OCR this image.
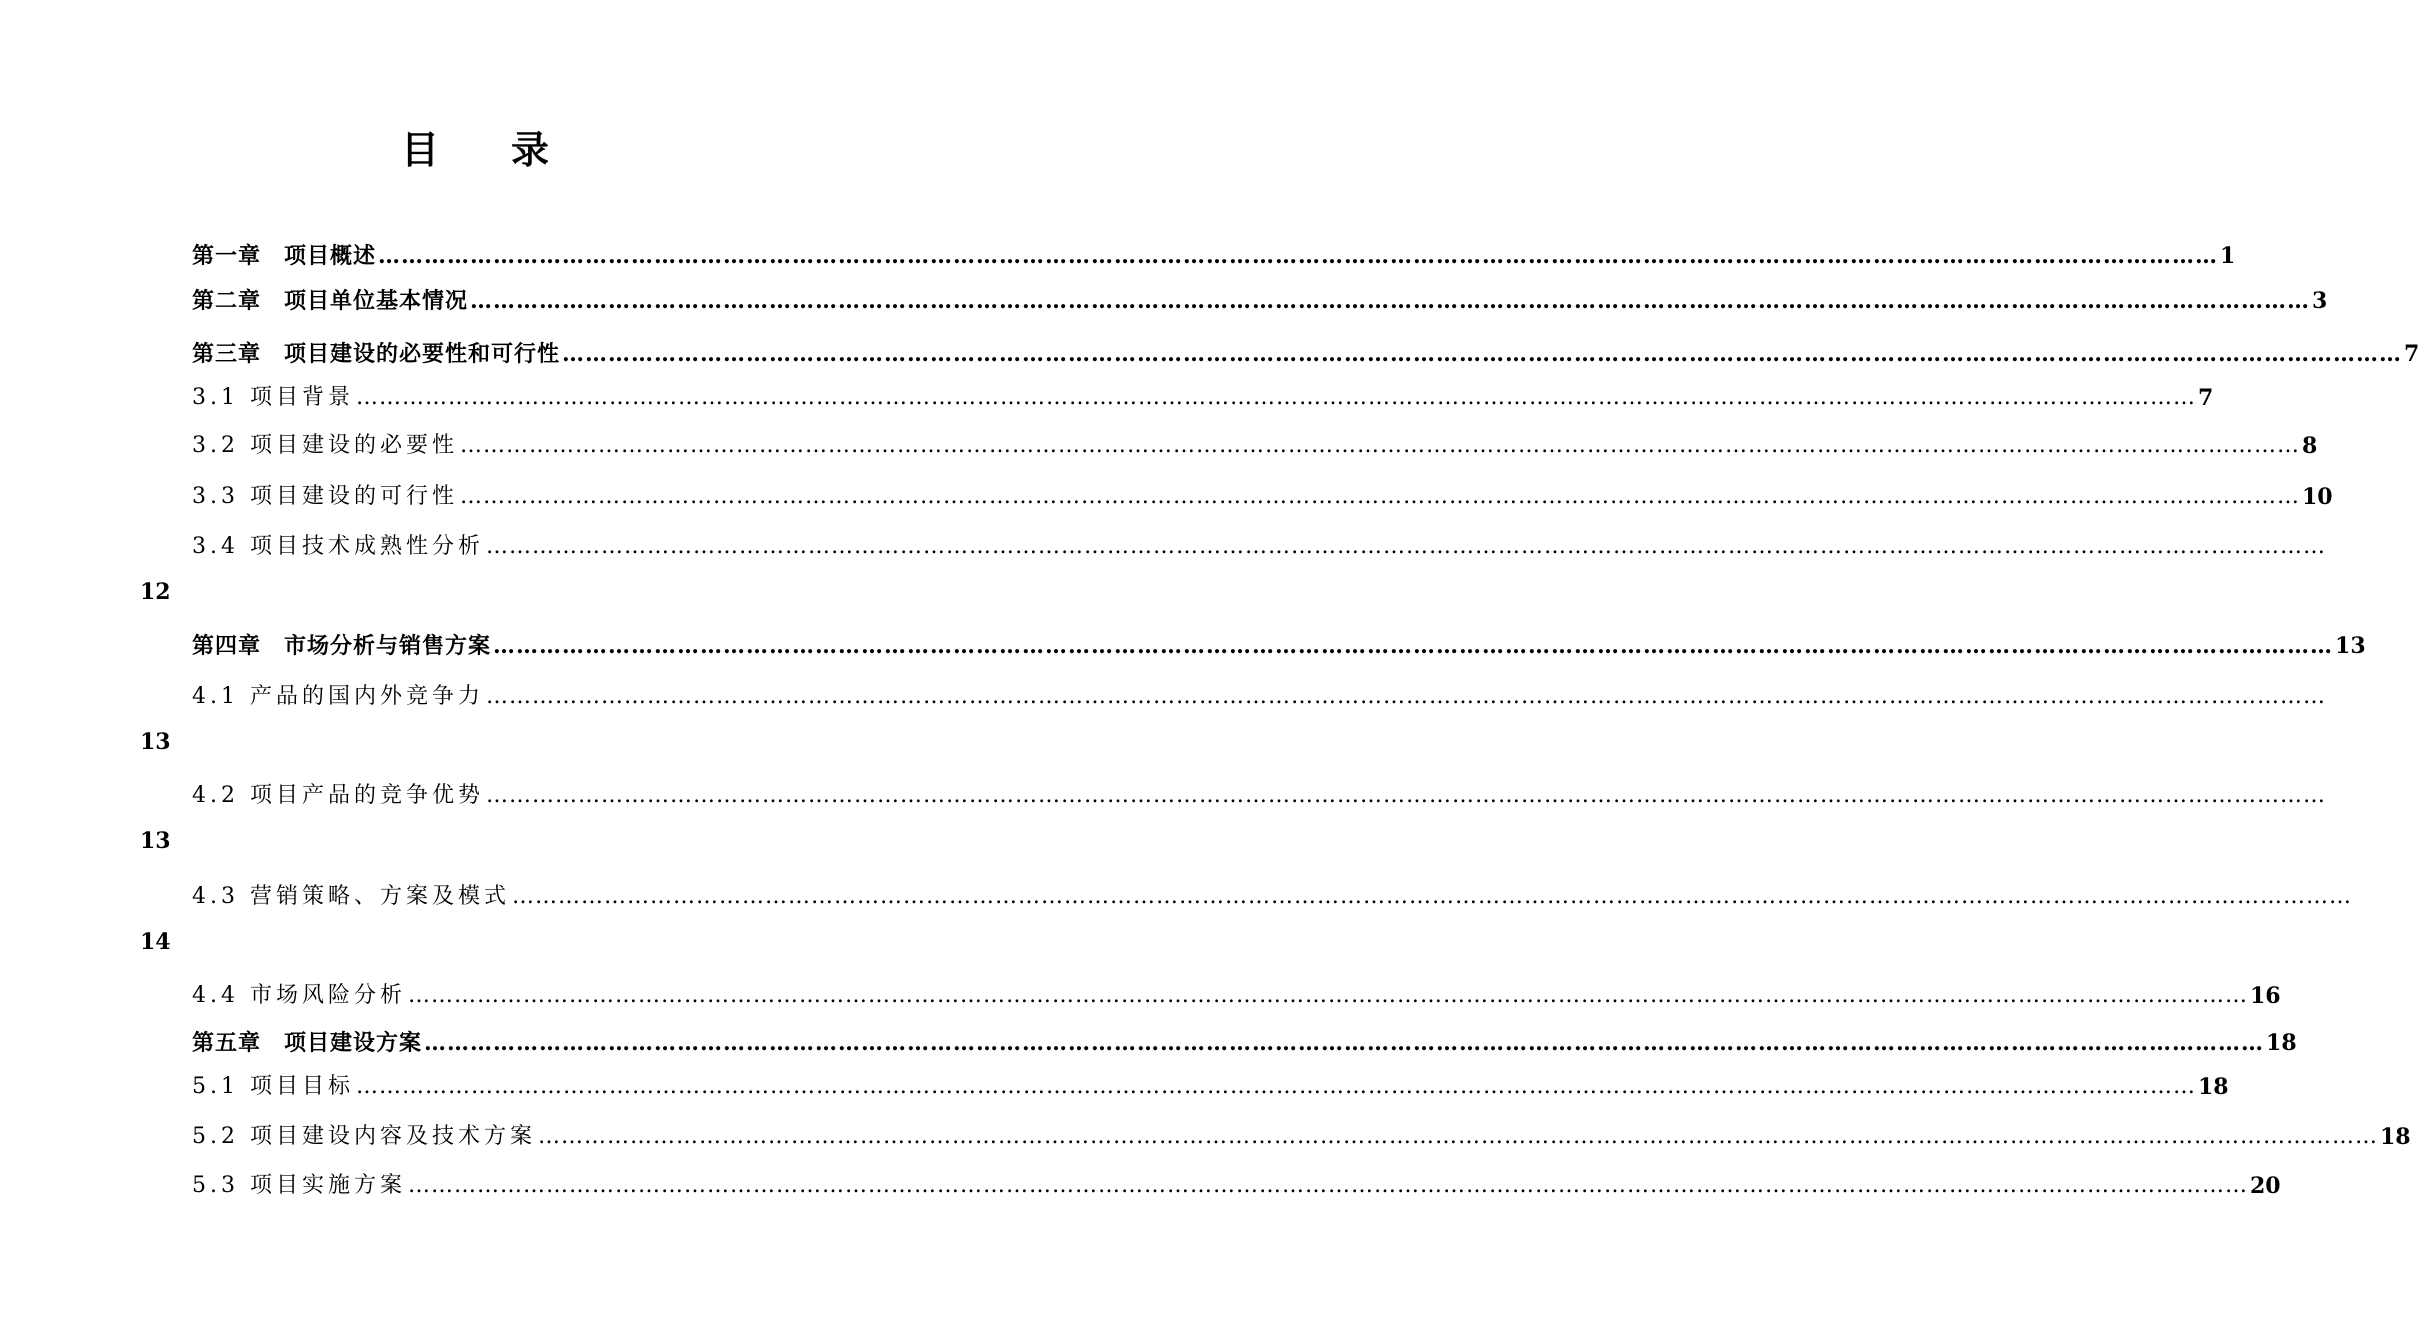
目 录
第一章　项目概述 …………………………………………………………………………………………………………………………………………………………………………………………………………………… 1
第二章　项目单位基本情况 …………………………………………………………………………………………………………………………………………………………………………………………………………………… 3
第三章　项目建设的必要性和可行性 …………………………………………………………………………………………………………………………………………………………………………………………………………………… 7
3.1 项目背景 …………………………………………………………………………………………………………………………………………………………………………………………………………………… 7
3.2 项目建设的必要性 …………………………………………………………………………………………………………………………………………………………………………………………………………………… 8
3.3 项目建设的可行性 …………………………………………………………………………………………………………………………………………………………………………………………………………………… 10
3.4 项目技术成熟性分析 ……………………………………………………………………………………………………………………………………………………………………………………………………………………
12
第四章　市场分析与销售方案 …………………………………………………………………………………………………………………………………………………………………………………………………………………… 13
4.1 产品的国内外竞争力 ……………………………………………………………………………………………………………………………………………………………………………………………………………………
13
4.2 项目产品的竞争优势 ……………………………………………………………………………………………………………………………………………………………………………………………………………………
13
4.3 营销策略、方案及模式 ……………………………………………………………………………………………………………………………………………………………………………………………………………………
14
4.4 市场风险分析 …………………………………………………………………………………………………………………………………………………………………………………………………………………… 16
第五章　项目建设方案 …………………………………………………………………………………………………………………………………………………………………………………………………………………… 18
5.1 项目目标 …………………………………………………………………………………………………………………………………………………………………………………………………………………… 18
5.2 项目建设内容及技术方案 …………………………………………………………………………………………………………………………………………………………………………………………………………………… 18
5.3 项目实施方案 …………………………………………………………………………………………………………………………………………………………………………………………………………………… 20
